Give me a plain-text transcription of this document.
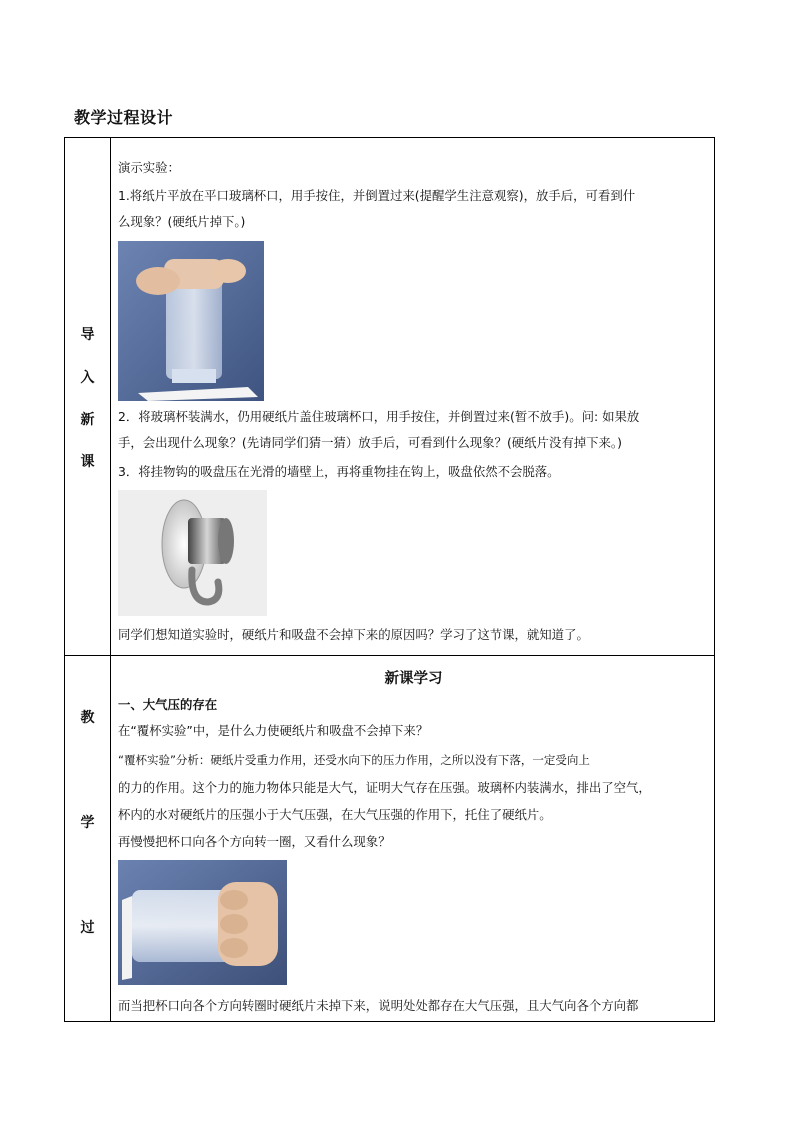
教学过程设计
导
入
新
课
演示实验：
1.将纸片平放在平口玻璃杯口，用手按住，并倒置过来(提醒学生注意观察)，放手后，可看到什
么现象？(硬纸片掉下。)
2．将玻璃杯装满水，仍用硬纸片盖住玻璃杯口，用手按住，并倒置过来(暂不放手)。问: 如果放
手，会出现什么现象？(先请同学们猜一猜）放手后，可看到什么现象？(硬纸片没有掉下来。)
3．将挂物钩的吸盘压在光滑的墙壁上，再将重物挂在钩上，吸盘依然不会脱落。
同学们想知道实验时，硬纸片和吸盘不会掉下来的原因吗？学习了这节课，就知道了。
教
学
过
新课学习
一、大气压的存在
在“覆杯实验”中，是什么力使硬纸片和吸盘不会掉下来？
“覆杯实验”分析：硬纸片受重力作用，还受水向下的压力作用，之所以没有下落，一定受向上
的力的作用。这个力的施力物体只能是大气，证明大气存在压强。玻璃杯内装满水，排出了空气，
杯内的水对硬纸片的压强小于大气压强，在大气压强的作用下，托住了硬纸片。
再慢慢把杯口向各个方向转一圈，又看什么现象？
而当把杯口向各个方向转圈时硬纸片未掉下来，说明处处都存在大气压强，且大气向各个方向都
